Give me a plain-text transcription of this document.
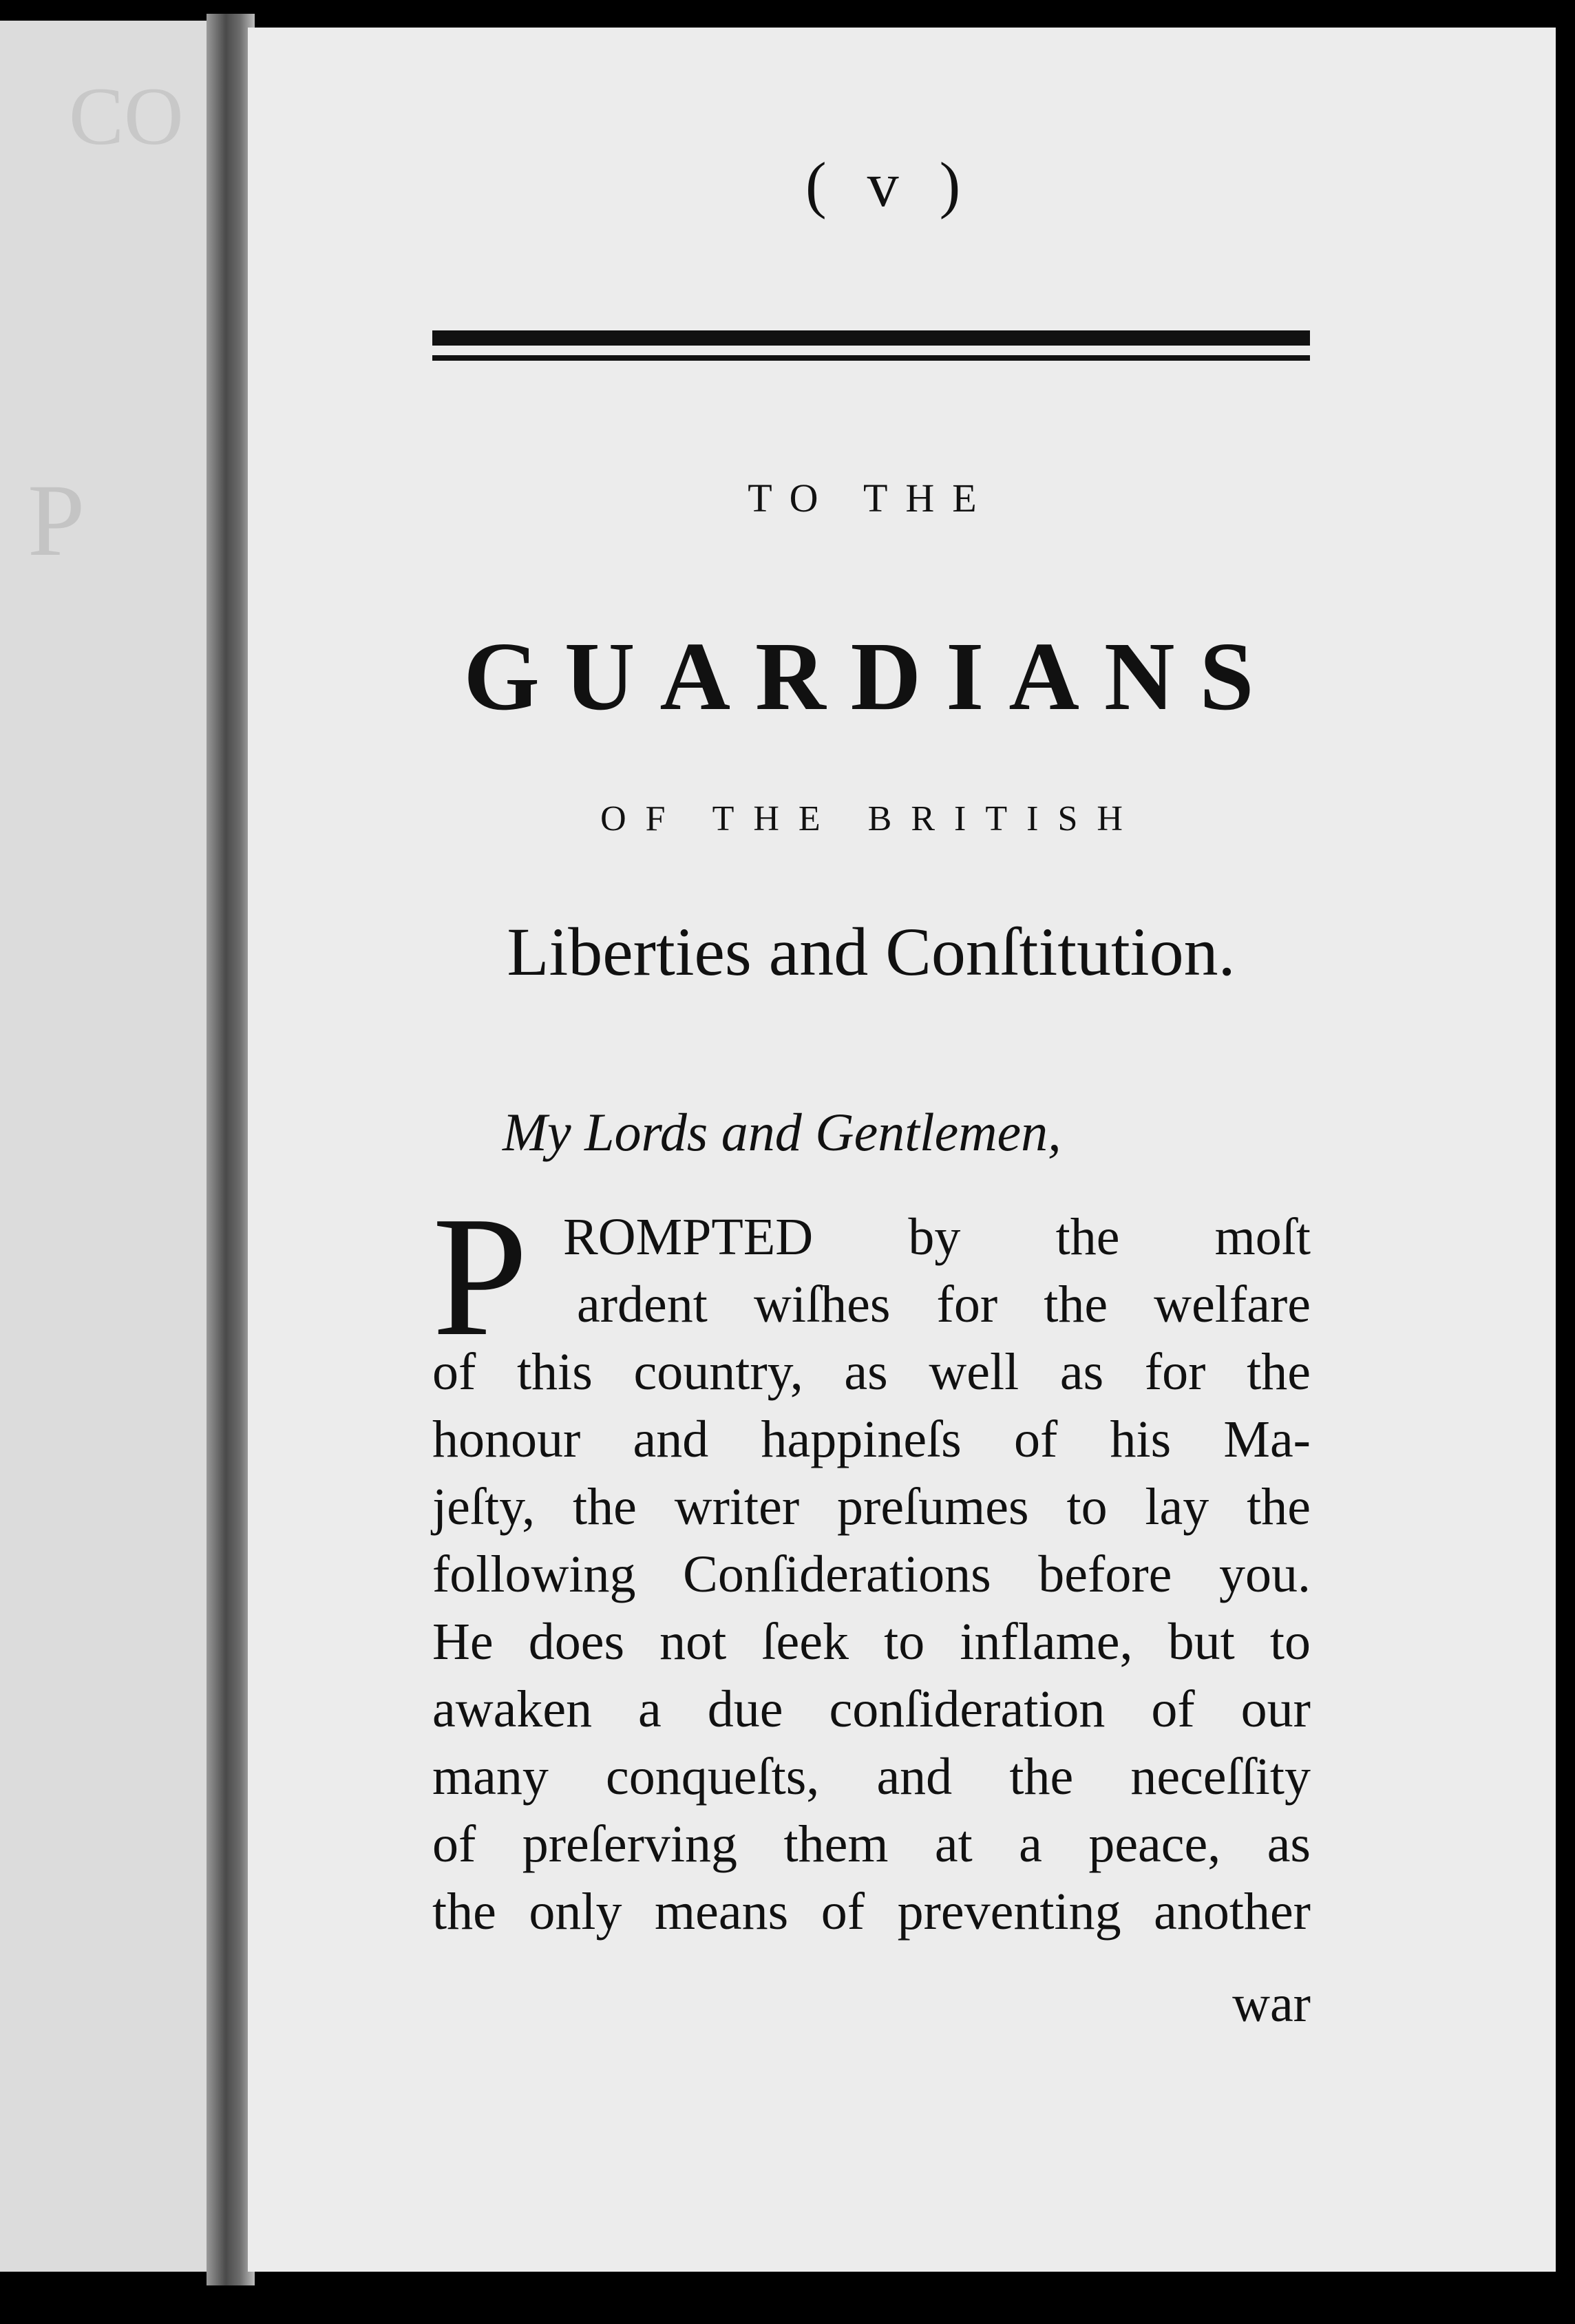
CO
P
( v )
TO THE
GUARDIANS
OF THE BRITISH
Liberties and Conſtitution.
My Lords and Gentlemen,
P ROMPTED by the moſt
ardent wiſhes for the welfare
of this country, as well as for the
honour and happineſs of his Ma-
jeſty, the writer preſumes to lay the
following Conſiderations before you.
He does not ſeek to inflame, but to
awaken a due conſideration of our
many conqueſts, and the neceſſity
of preſerving them at a peace, as
the only means of preventing another
war
